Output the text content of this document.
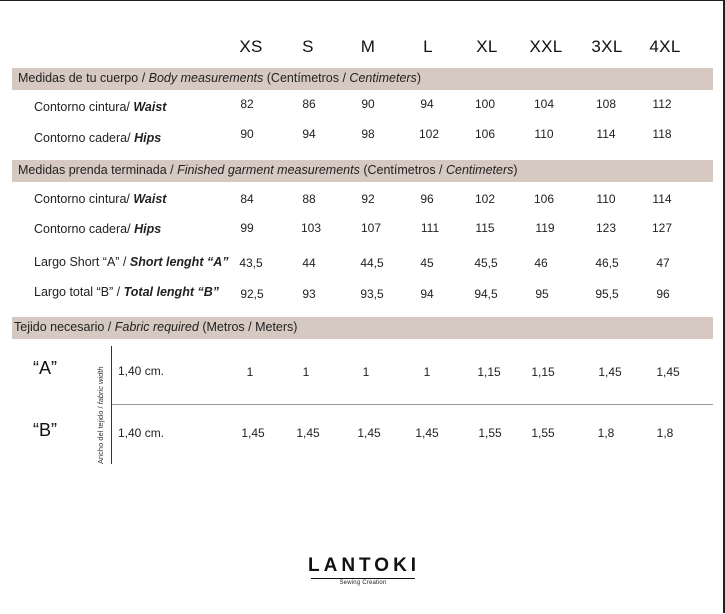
XS S	M	L	XL XXL 3XL 4XL
Medidas de tu cuerpo / Body measurements (Centímetros / Centimeters)
Contorno cintura/ Waist	82	86	90	94	100	104	108	112
Contorno cadera/ Hips	90	94	98	102	106	110	114	118
Medidas prenda terminada / Finished garment measurements (Centímetros / Centimeters)
Contorno cintura/ Waist	84	88	92	96	102	106	110	114
Contorno cadera/ Hips	99	103	107	111	115	119	123	127
Largo Short “A” / Short lenght “A” 43,5	44	44,5	45	45,5	46	46,5	47
Largo total “B” / Total lenght “B” 92,5	93	93,5	94	94,5	95	95,5	96
Tejido necesario / Fabric required (Metros / Meters)
Ancho del tejido / fabric width
“A”	1,40 cm.	1	1	1	1	1,15	1,15	1,45	1,45
“B”	1,40 cm.	1,45	1,45	1,45	1,45	1,55 1,55	1,8	1,8
LANTOKI
Sewing Creation
